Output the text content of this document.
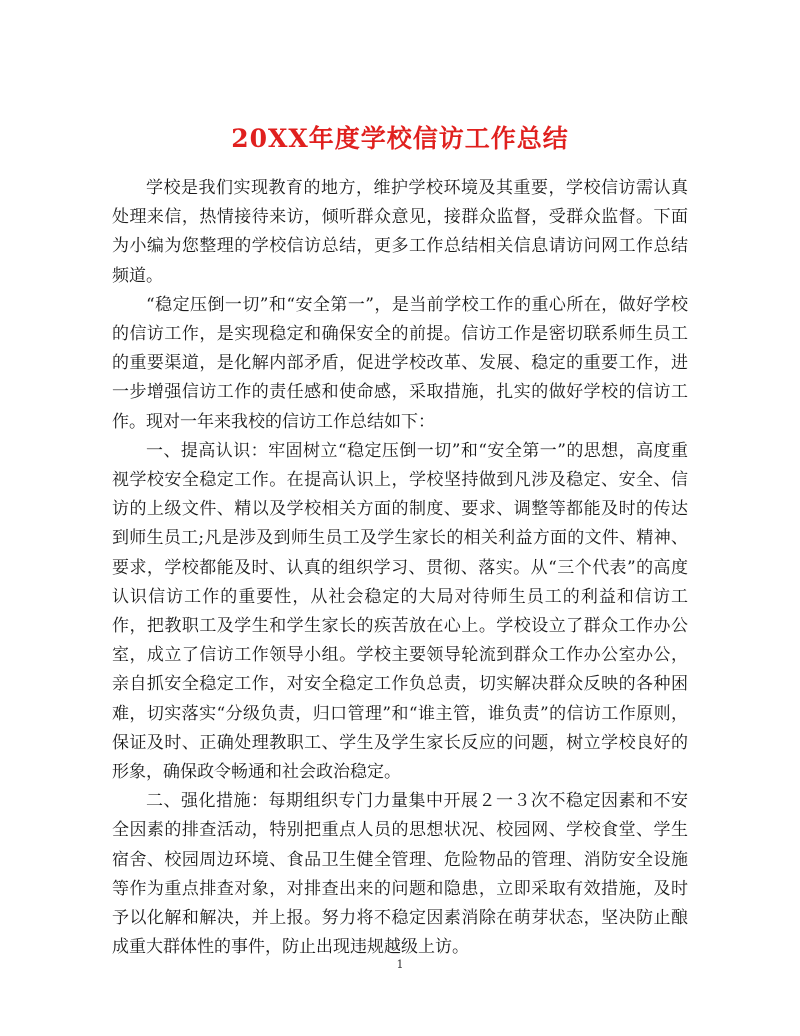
20XX年度学校信访工作总结

学校是我们实现教育的地方，维护学校环境及其重要，学校信访需认真处理来信，热情接待来访，倾听群众意见，接群众监督，受群众监督。下面为小编为您整理的学校信访总结，更多工作总结相关信息请访问网工作总结频道。

“稳定压倒一切”和“安全第一”，是当前学校工作的重心所在，做好学校的信访工作，是实现稳定和确保安全的前提。信访工作是密切联系师生员工的重要渠道，是化解内部矛盾，促进学校改革、发展、稳定的重要工作，进一步增强信访工作的责任感和使命感，采取措施，扎实的做好学校的信访工作。现对一年来我校的信访工作总结如下：

一、提高认识：牢固树立“稳定压倒一切”和“安全第一”的思想，高度重视学校安全稳定工作。在提高认识上，学校坚持做到凡涉及稳定、安全、信访的上级文件、精以及学校相关方面的制度、要求、调整等都能及时的传达到师生员工;凡是涉及到师生员工及学生家长的相关利益方面的文件、精神、要求，学校都能及时、认真的组织学习、贯彻、落实。从“三个代表”的高度认识信访工作的重要性，从社会稳定的大局对待师生员工的利益和信访工作，把教职工及学生和学生家长的疾苦放在心上。学校设立了群众工作办公室，成立了信访工作领导小组。学校主要领导轮流到群众工作办公室办公，亲自抓安全稳定工作，对安全稳定工作负总责，切实解决群众反映的各种困难，切实落实“分级负责，归口管理”和“谁主管，谁负责”的信访工作原则，保证及时、正确处理教职工、学生及学生家长反应的问题，树立学校良好的形象，确保政令畅通和社会政治稳定。

二、强化措施：每期组织专门力量集中开展２一３次不稳定因素和不安全因素的排查活动，特别把重点人员的思想状况、校园网、学校食堂、学生宿舍、校园周边环境、食品卫生健全管理、危险物品的管理、消防安全设施等作为重点排查对象，对排查出来的问题和隐患，立即采取有效措施，及时予以化解和解决，并上报。努力将不稳定因素消除在萌芽状态，坚决防止酿成重大群体性的事件，防止出现违规越级上访。

1
